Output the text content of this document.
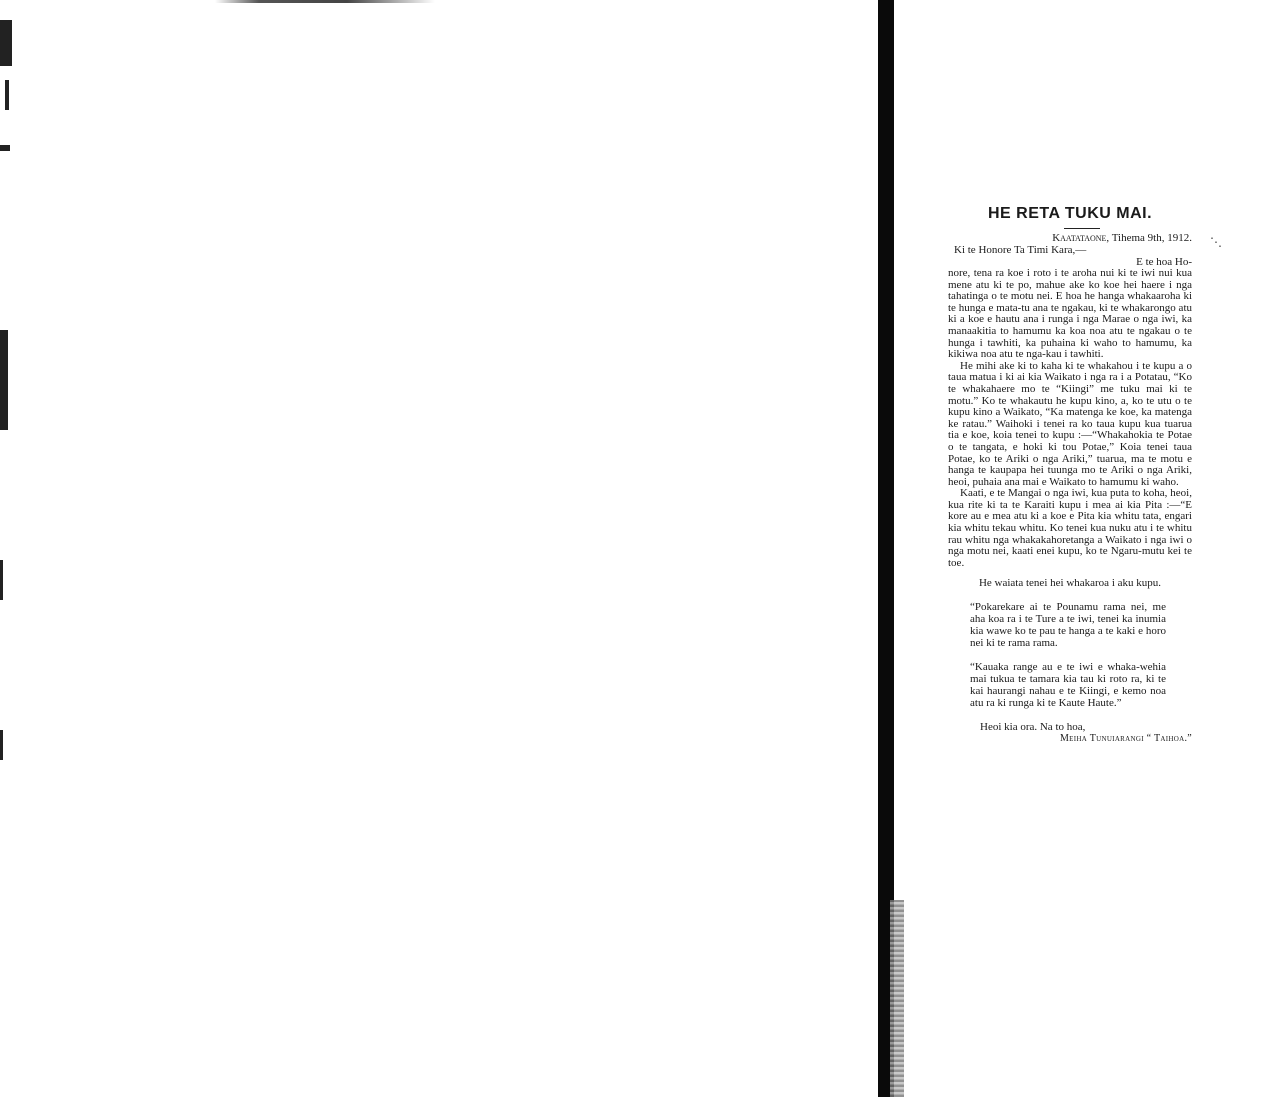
⋱
HE RETA TUKU MAI.
Kaatataone, Tihema 9th, 1912.
Ki te Honore Ta Timi Kara,—
E te hoa Ho-

nore, tena ra koe i roto i te aroha nui ki te iwi nui kua mene atu ki te po, mahue ake ko koe hei haere i nga tahatinga o te motu nei. E hoa he hanga whakaaroha ki te hunga e mata-tu ana te ngakau, ki te whakarongo atu ki a koe e hautu ana i runga i nga Marae o nga iwi, ka manaakitia to hamumu ka koa noa atu te ngakau o te hunga i tawhiti, ka puhaina ki waho to hamumu, ka kikiwa noa atu te nga-kau i tawhiti.

He mihi ake ki to kaha ki te whakahou i te kupu a o taua matua i ki ai kia Waikato i nga ra i a Potatau, “Ko te whakahaere mo te “Kiingi” me tuku mai ki te motu.” Ko te whakautu he kupu kino, a, ko te utu o te kupu kino a Waikato, “Ka matenga ke koe, ka matenga ke ratau.” Waihoki i tenei ra ko taua kupu kua tuarua tia e koe, koia tenei to kupu :—“Whakahokia te Potae o te tangata, e hoki ki tou Potae,” Koia tenei taua Potae, ko te Ariki o nga Ariki,” tuarua, ma te motu e hanga te kaupapa hei tuunga mo te Ariki o nga Ariki, heoi, puhaia ana mai e Waikato to hamumu ki waho.

Kaati, e te Mangai o nga iwi, kua puta to koha, heoi, kua rite ki ta te Karaiti kupu i mea ai kia Pita :—“E kore au e mea atu ki a koe e Pita kia whitu tata, engari kia whitu tekau whitu. Ko tenei kua nuku atu i te whitu rau whitu nga whakakahoretanga a Waikato i nga iwi o nga motu nei, kaati enei kupu, ko te Ngaru-mutu kei te toe.

He waiata tenei hei whakaroa i aku kupu.
“Pokarekare ai te Pounamu rama nei, me aha koa ra i te Ture a te iwi, tenei ka inumia kia wawe ko te pau te hanga a te kaki e horo nei ki te rama rama.
“Kauaka range au e te iwi e whaka-wehia mai tukua te tamara kia tau ki roto ra, ki te kai haurangi nahau e te Kiingi, e kemo noa atu ra ki runga ki te Kaute Haute.”
Heoi kia ora. Na to hoa,
Meiha Tunuiarangi “ Taihoa.”
